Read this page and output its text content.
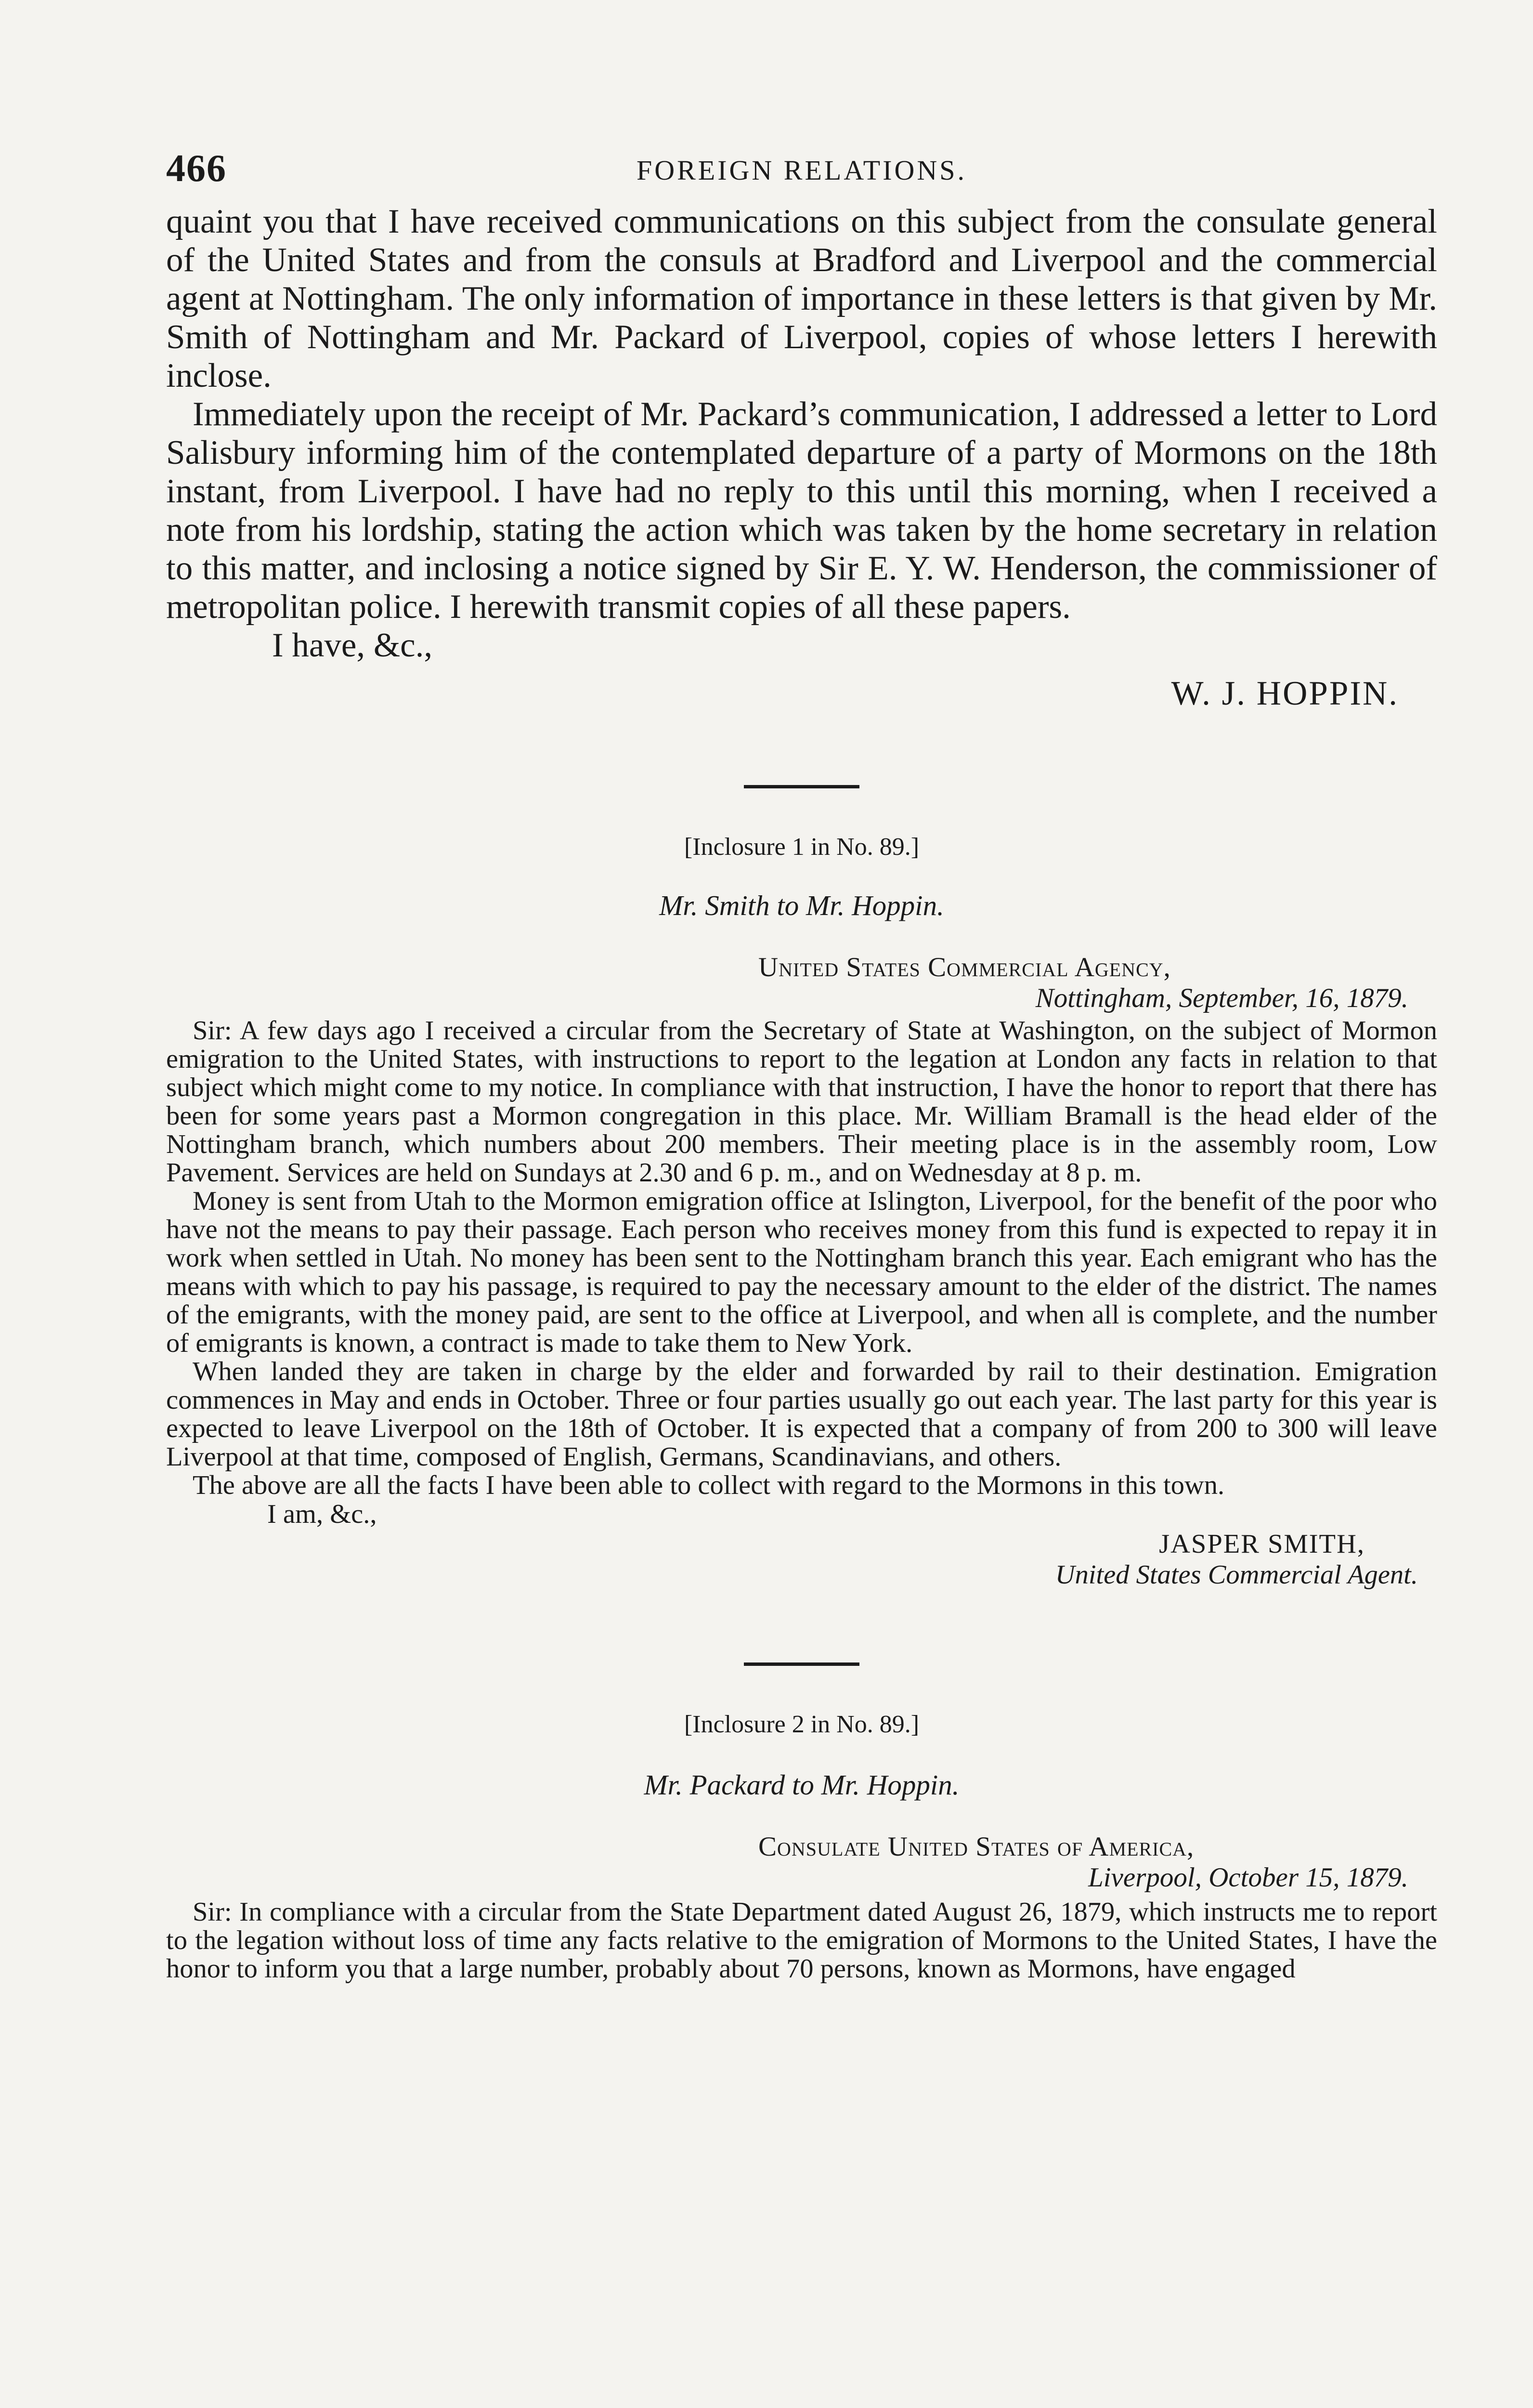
466	FOREIGN RELATIONS.

quaint you that I have received communications on this subject from the consulate general of the United States and from the consuls at Bradford and Liverpool and the commercial agent at Nottingham. The only information of importance in these letters is that given by Mr. Smith of Nottingham and Mr. Packard of Liverpool, copies of whose letters I herewith inclose.

Immediately upon the receipt of Mr. Packard’s communication, I addressed a letter to Lord Salisbury informing him of the contemplated departure of a party of Mormons on the 18th instant, from Liverpool. I have had no reply to this until this morning, when I received a note from his lordship, stating the action which was taken by the home secretary in relation to this matter, and inclosing a notice signed by Sir E. Y. W. Henderson, the commissioner of metropolitan police. I herewith transmit copies of all these papers.

I have, &c.,

W. J. HOPPIN.

[Inclosure 1 in No. 89.]

Mr. Smith to Mr. Hoppin.

United States Commercial Agency,

Nottingham, September, 16, 1879.

Sir: A few days ago I received a circular from the Secretary of State at Washington, on the subject of Mormon emigration to the United States, with instructions to report to the legation at London any facts in relation to that subject which might come to my notice. In compliance with that instruction, I have the honor to report that there has been for some years past a Mormon congregation in this place. Mr. William Bramall is the head elder of the Nottingham branch, which numbers about 200 members. Their meeting place is in the assembly room, Low Pavement. Services are held on Sundays at 2.30 and 6 p. m., and on Wednesday at 8 p. m.

Money is sent from Utah to the Mormon emigration office at Islington, Liverpool, for the benefit of the poor who have not the means to pay their passage. Each person who receives money from this fund is expected to repay it in work when settled in Utah. No money has been sent to the Nottingham branch this year. Each emigrant who has the means with which to pay his passage, is required to pay the necessary amount to the elder of the district. The names of the emigrants, with the money paid, are sent to the office at Liverpool, and when all is complete, and the number of emigrants is known, a contract is made to take them to New York.

When landed they are taken in charge by the elder and forwarded by rail to their destination. Emigration commences in May and ends in October. Three or four parties usually go out each year. The last party for this year is expected to leave Liverpool on the 18th of October. It is expected that a company of from 200 to 300 will leave Liverpool at that time, composed of English, Germans, Scandinavians, and others.

The above are all the facts I have been able to collect with regard to the Mormons in this town.

I am, &c.,

JASPER SMITH,

United States Commercial Agent.

[Inclosure 2 in No. 89.]

Mr. Packard to Mr. Hoppin.

Consulate United States of America,

Liverpool, October 15, 1879.

Sir: In compliance with a circular from the State Department dated August 26, 1879, which instructs me to report to the legation without loss of time any facts relative to the emigration of Mormons to the United States, I have the honor to inform you that a large number, probably about 70 persons, known as Mormons, have engaged
